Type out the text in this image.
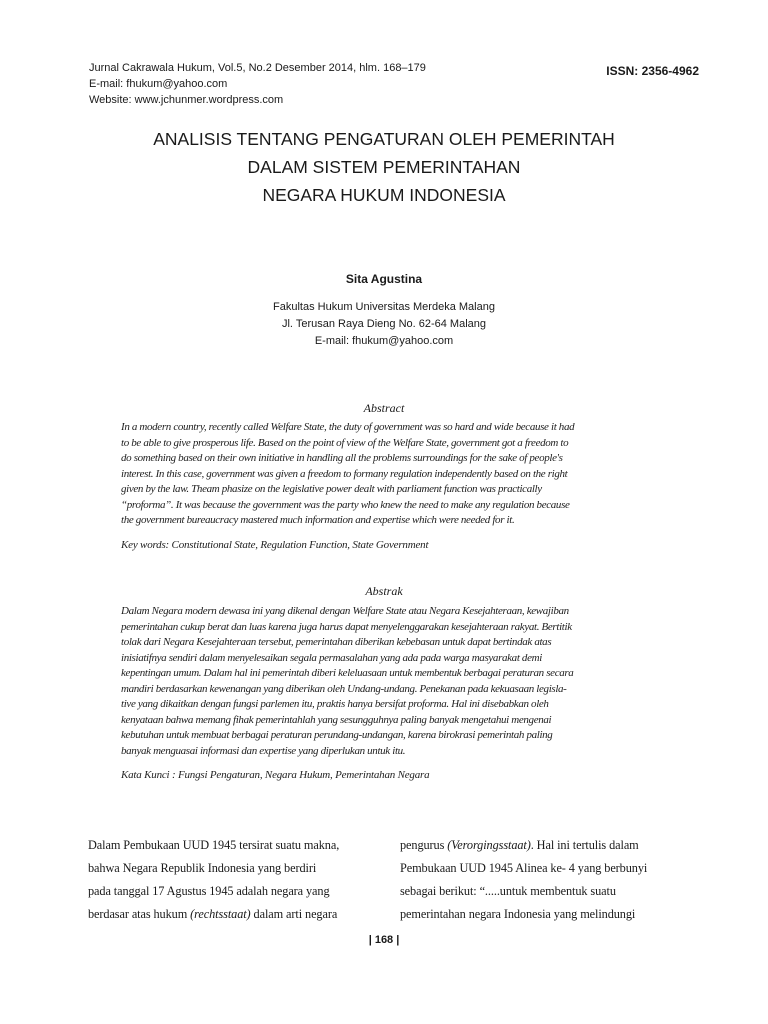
Jurnal Cakrawala Hukum, Vol.5, No.2 Desember 2014, hlm. 168–179
E-mail: fhukum@yahoo.com
Website: www.jchunmer.wordpress.com
ISSN: 2356-4962
ANALISIS TENTANG PENGATURAN OLEH PEMERINTAH
DALAM SISTEM PEMERINTAHAN
NEGARA HUKUM INDONESIA
Sita Agustina
Fakultas Hukum Universitas Merdeka Malang
Jl. Terusan Raya Dieng No. 62-64 Malang
E-mail: fhukum@yahoo.com
Abstract
In a modern country, recently called Welfare State, the duty of government was so hard and wide because it had
to be able to give prosperous life. Based on the point of view of the Welfare State, government got a freedom to
do something based on their own initiative in handling all the problems surroundings for the sake of people's
interest. In this case, government was given a freedom to formany regulation independently based on the right
given by the law. Theam phasize on the legislative power dealt with parliament function was practically
“proforma”. It was because the government was the party who knew the need to make any regulation because
the government bureaucracy mastered much information and expertise which were needed for it.
Key words: Constitutional State, Regulation Function, State Government
Abstrak
Dalam Negara modern dewasa ini yang dikenal dengan Welfare State atau Negara Kesejahteraan, kewajiban
pemerintahan cukup berat dan luas karena juga harus dapat menyelenggarakan kesejahteraan rakyat. Bertitik
tolak dari Negara Kesejahteraan tersebut, pemerintahan diberikan kebebasan untuk dapat bertindak atas
inisiatifnya sendiri dalam menyelesaikan segala permasalahan yang ada pada warga masyarakat demi
kepentingan umum. Dalam hal ini pemerintah diberi keleluasaan untuk membentuk berbagai peraturan secara
mandiri berdasarkan kewenangan yang diberikan oleh Undang-undang. Penekanan pada kekuasaan legisla-
tive yang dikaitkan dengan fungsi parlemen itu, praktis hanya bersifat proforma. Hal ini disebabkan oleh
kenyataan bahwa memang fihak pemerintahlah yang sesungguhnya paling banyak mengetahui mengenai
kebutuhan untuk membuat berbagai peraturan perundang-undangan, karena birokrasi pemerintah paling
banyak menguasai informasi dan expertise yang diperlukan untuk itu.
Kata Kunci : Fungsi Pengaturan, Negara Hukum, Pemerintahan Negara
Dalam Pembukaan UUD 1945 tersirat suatu makna,
bahwa Negara Republik Indonesia yang berdiri
pada tanggal 17 Agustus 1945 adalah negara yang
berdasar atas hukum (rechtsstaat) dalam arti negara
pengurus (Verorgingsstaat). Hal ini tertulis dalam
Pembukaan UUD 1945 Alinea ke- 4 yang berbunyi
sebagai berikut: “.....untuk membentuk suatu
pemerintahan negara Indonesia yang melindungi
| 168 |
